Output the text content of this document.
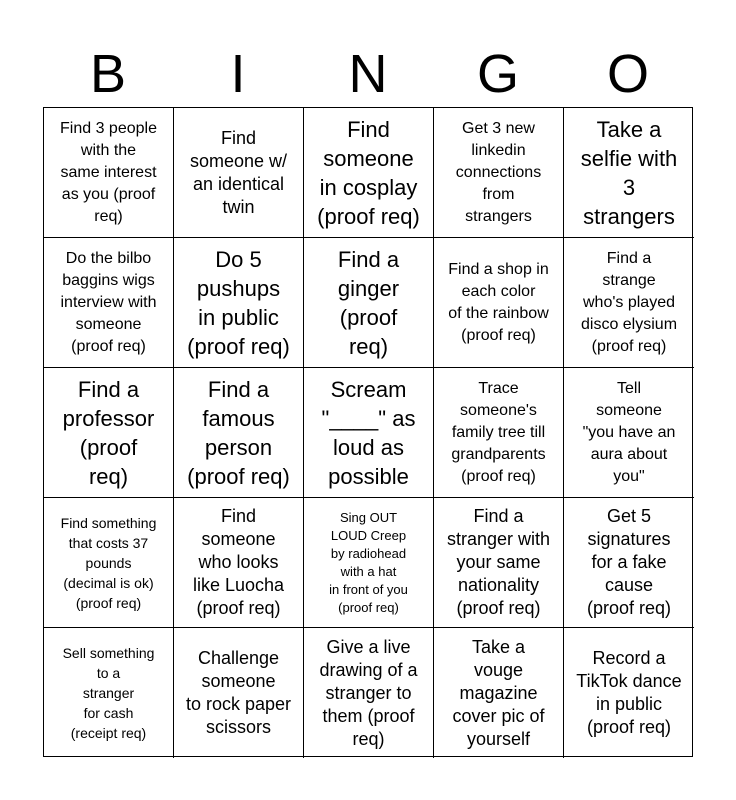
B	I	N	G	O
Find 3 people
with the
same interest
as you (proof
req)
Find
someone w/
an identical
twin
Find
someone
in cosplay
(proof req)
Get 3 new
linkedin
connections
from
strangers
Take a
selfie with
3
strangers
Do the bilbo
baggins wigs
interview with
someone
(proof req)
Do 5
pushups
in public
(proof req)
Find a
ginger
(proof
req)
Find a shop in
each color
of the rainbow
(proof req)
Find a
strange
who's played
disco elysium
(proof req)
Find a
professor
(proof
req)
Find a
famous
person
(proof req)
Scream
"____" as
loud as
possible
Trace
someone's
family tree till
grandparents
(proof req)
Tell
someone
"you have an
aura about
you"
Find something
that costs 37
pounds
(decimal is ok)
(proof req)
Find
someone
who looks
like Luocha
(proof req)
Sing OUT
LOUD Creep
by radiohead
with a hat
in front of you
(proof req)
Find a
stranger with
your same
nationality
(proof req)
Get 5
signatures
for a fake
cause
(proof req)
Sell something
to a
stranger
for cash
(receipt req)
Challenge
someone
to rock paper
scissors
Give a live
drawing of a
stranger to
them (proof
req)
Take a
vouge
magazine
cover pic of
yourself
Record a
TikTok dance
in public
(proof req)
